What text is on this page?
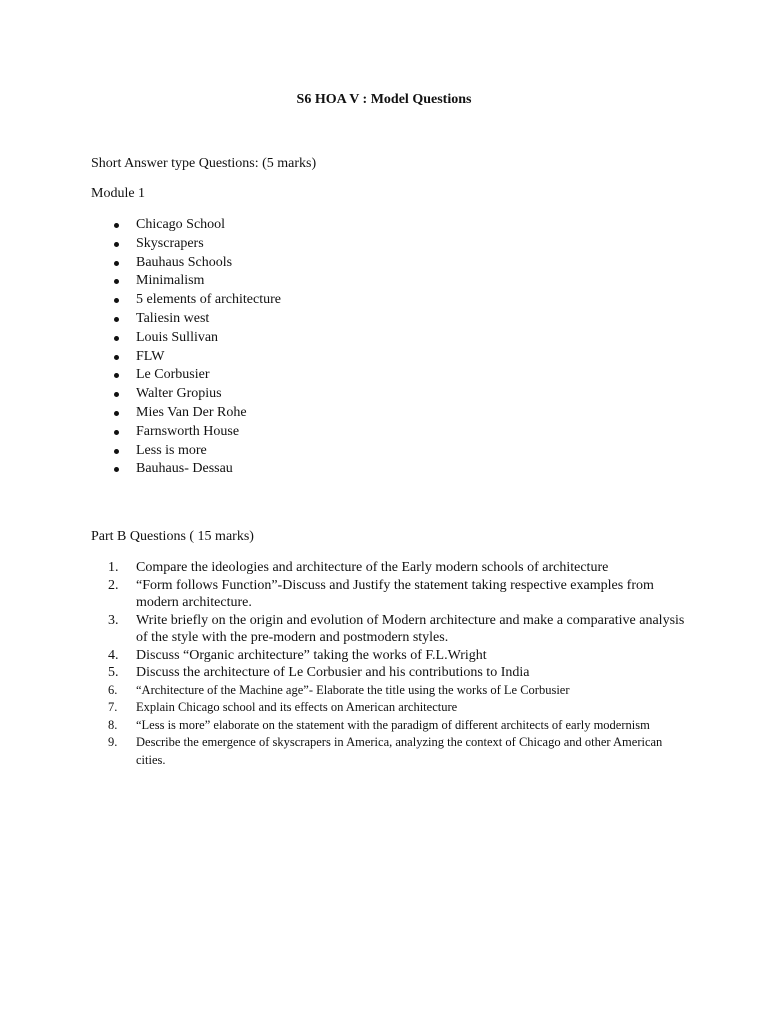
S6 HOA V : Model Questions
Short Answer type Questions: (5 marks)
Module 1
Chicago School
Skyscrapers
Bauhaus Schools
Minimalism
5 elements of architecture
Taliesin west
Louis Sullivan
FLW
Le Corbusier
Walter Gropius
Mies Van Der Rohe
Farnsworth House
Less is more
Bauhaus- Dessau
Part B Questions ( 15 marks)
1. Compare the ideologies and architecture of the Early modern schools of architecture
2. “Form follows Function”-Discuss and Justify the statement taking respective examples from modern architecture.
3. Write briefly on the origin and evolution of Modern architecture and make a comparative analysis of the style with the pre-modern and postmodern styles.
4. Discuss “Organic architecture” taking the works of F.L.Wright
5. Discuss the architecture of Le Corbusier and his contributions to India
6. “Architecture of the Machine age”- Elaborate the title using the works of Le Corbusier
7. Explain Chicago school and its effects on American architecture
8. “Less is more” elaborate on the statement with the paradigm of different architects of early modernism
9. Describe the emergence of skyscrapers in America, analyzing the context of Chicago and other American cities.
